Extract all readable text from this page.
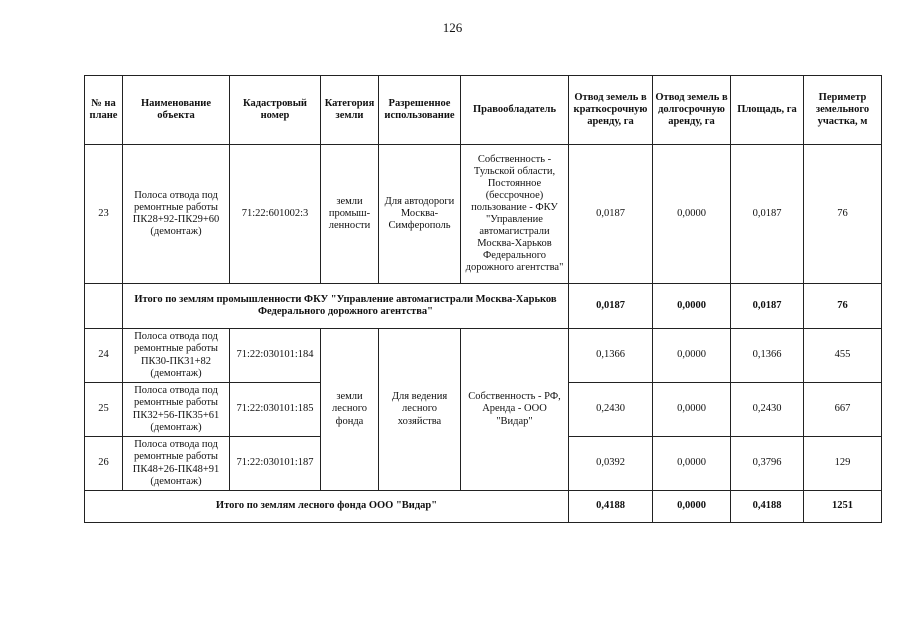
126
№ на плане	Наименование объекта	Кадастровый номер	Категория земли	Разрешенное использование	Правообладатель	Отвод земель в краткосрочную аренду, га	Отвод земель в долгосрочную аренду, га	Площадь, га	Периметр земельного участка, м
23	Полоса отвода под ремонтные работы ПК28+92-ПК29+60 (демонтаж)	71:22:601002:3	земли промыш-ленности	Для автодороги Москва-Симферополь	Собственность - Тульской области, Постоянное (бессрочное) пользование - ФКУ "Управление автомагистрали Москва-Харьков Федерального дорожного агентства"	0,0187	0,0000	0,0187	76
	Итого по землям промышленности ФКУ "Управление автомагистрали Москва-Харьков Федерального дорожного агентства"					0,0187	0,0000	0,0187	76
24	Полоса отвода под ремонтные работы ПК30-ПК31+82 (демонтаж)	71:22:030101:184	земли лесного фонда	Для ведения лесного хозяйства	Собственность - РФ, Аренда - ООО "Видар"	0,1366	0,0000	0,1366	455
25	Полоса отвода под ремонтные работы ПК32+56-ПК35+61 (демонтаж)	71:22:030101:185				0,2430	0,0000	0,2430	667
26	Полоса отвода под ремонтные работы ПК48+26-ПК48+91 (демонтаж)	71:22:030101:187				0,0392	0,0000	0,3796	129
Итого по землям лесного фонда ООО "Видар"						0,4188	0,0000	0,4188	1251
